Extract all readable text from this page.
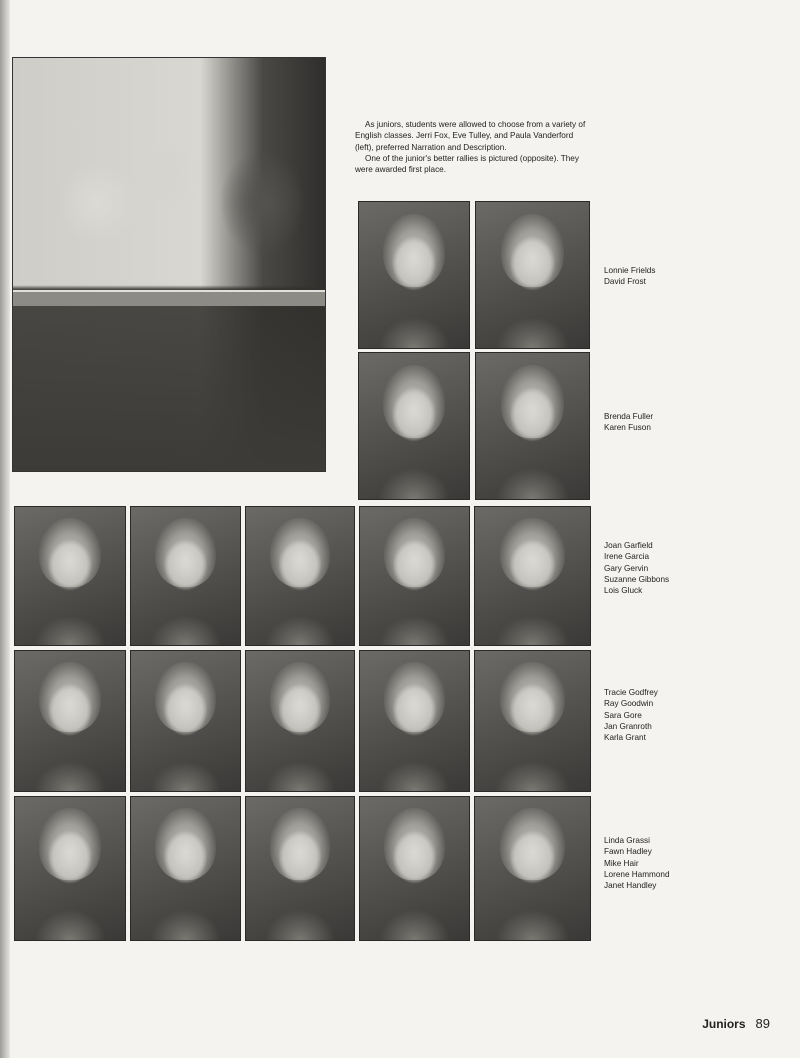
As juniors, students were allowed to choose from a variety of English classes. Jerri Fox, Eve Tulley, and Paula Vanderford (left), preferred Narration and Description.

One of the junior's better rallies is pictured (opposite). They were awarded first place.

Lonnie Frields
David Frost
Brenda Fuller
Karen Fuson
Joan Garfield
Irene Garcia
Gary Gervin
Suzanne Gibbons
Lois Gluck
Tracie Godfrey
Ray Goodwin
Sara Gore
Jan Granroth
Karla Grant
Linda Grassi
Fawn Hadley
Mike Hair
Lorene Hammond
Janet Handley
Juniors 89
